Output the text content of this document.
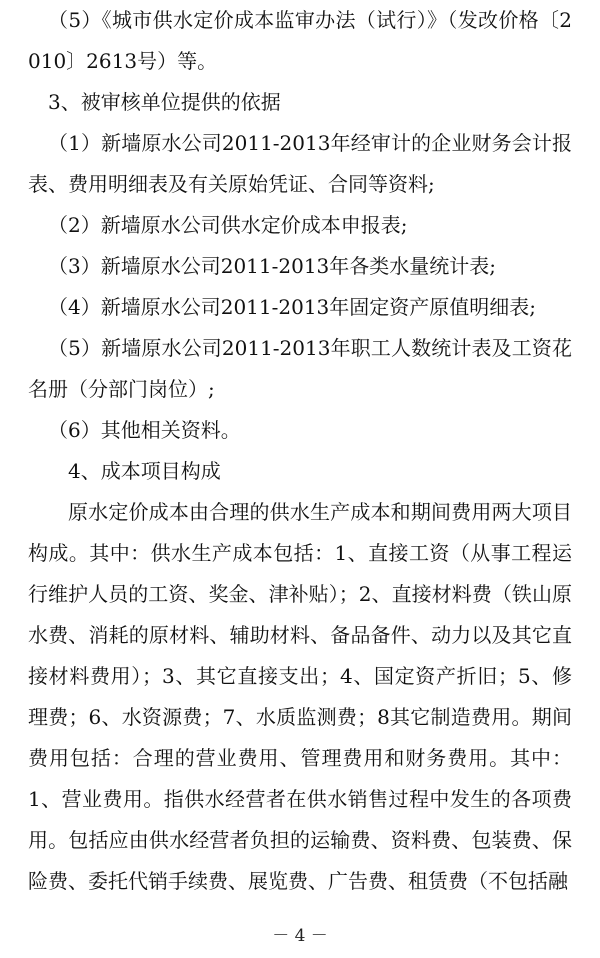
（5）《城市供水定价成本监审办法（试行）》（发改价格〔2010〕2613号）等。

3、被审核单位提供的依据

（1）新墙原水公司2011-2013年经审计的企业财务会计报表、费用明细表及有关原始凭证、合同等资料;

（2）新墙原水公司供水定价成本申报表;

（3）新墙原水公司2011-2013年各类水量统计表;

（4）新墙原水公司2011-2013年固定资产原值明细表;

（5）新墙原水公司2011-2013年职工人数统计表及工资花名册（分部门岗位）;

（6）其他相关资料。

4、成本项目构成

原水定价成本由合理的供水生产成本和期间费用两大项目构成。其中：供水生产成本包括：1、直接工资（从事工程运行维护人员的工资、奖金、津补贴）；2、直接材料费（铁山原水费、消耗的原材料、辅助材料、备品备件、动力以及其它直接材料费用）；3、其它直接支出；4、国定资产折旧；5、修理费；6、水资源费；7、水质监测费；8其它制造费用。期间费用包括：合理的营业费用、管理费用和财务费用。其中：1、营业费用。指供水经营者在供水销售过程中发生的各项费用。包括应由供水经营者负担的运输费、资料费、包装费、保险费、委托代销手续费、展览费、广告费、租赁费（不包括融

－ 4 －
